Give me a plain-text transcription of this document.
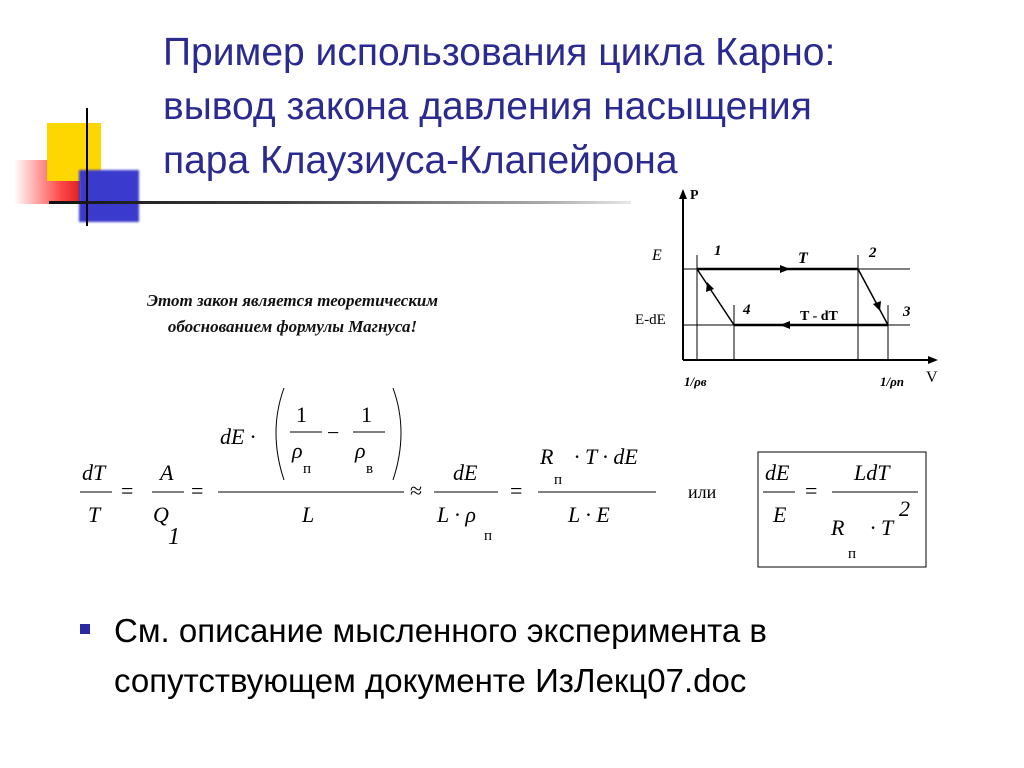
Пример использования цикла Карно:
вывод закона давления насыщения
пара Клаузиуса-Клапейрона
Этот закон является теоретическим
обоснованием формулы Магнуса!
P
V
E
E-dE
T
T - dT
1	2
3
4
1/ρв	1/ρп
dT
T
=
A
Q
1
=
dE ·
1
ρ
п
−
1
ρ
в
L
≈
dE
L · ρ
п
=
R
п
· T · dE
L · E
или
dE
E
=
LdT
R
п
· T
2
См. описание мысленного эксперимента в
сопутствующем документе ИзЛекц07.doc
